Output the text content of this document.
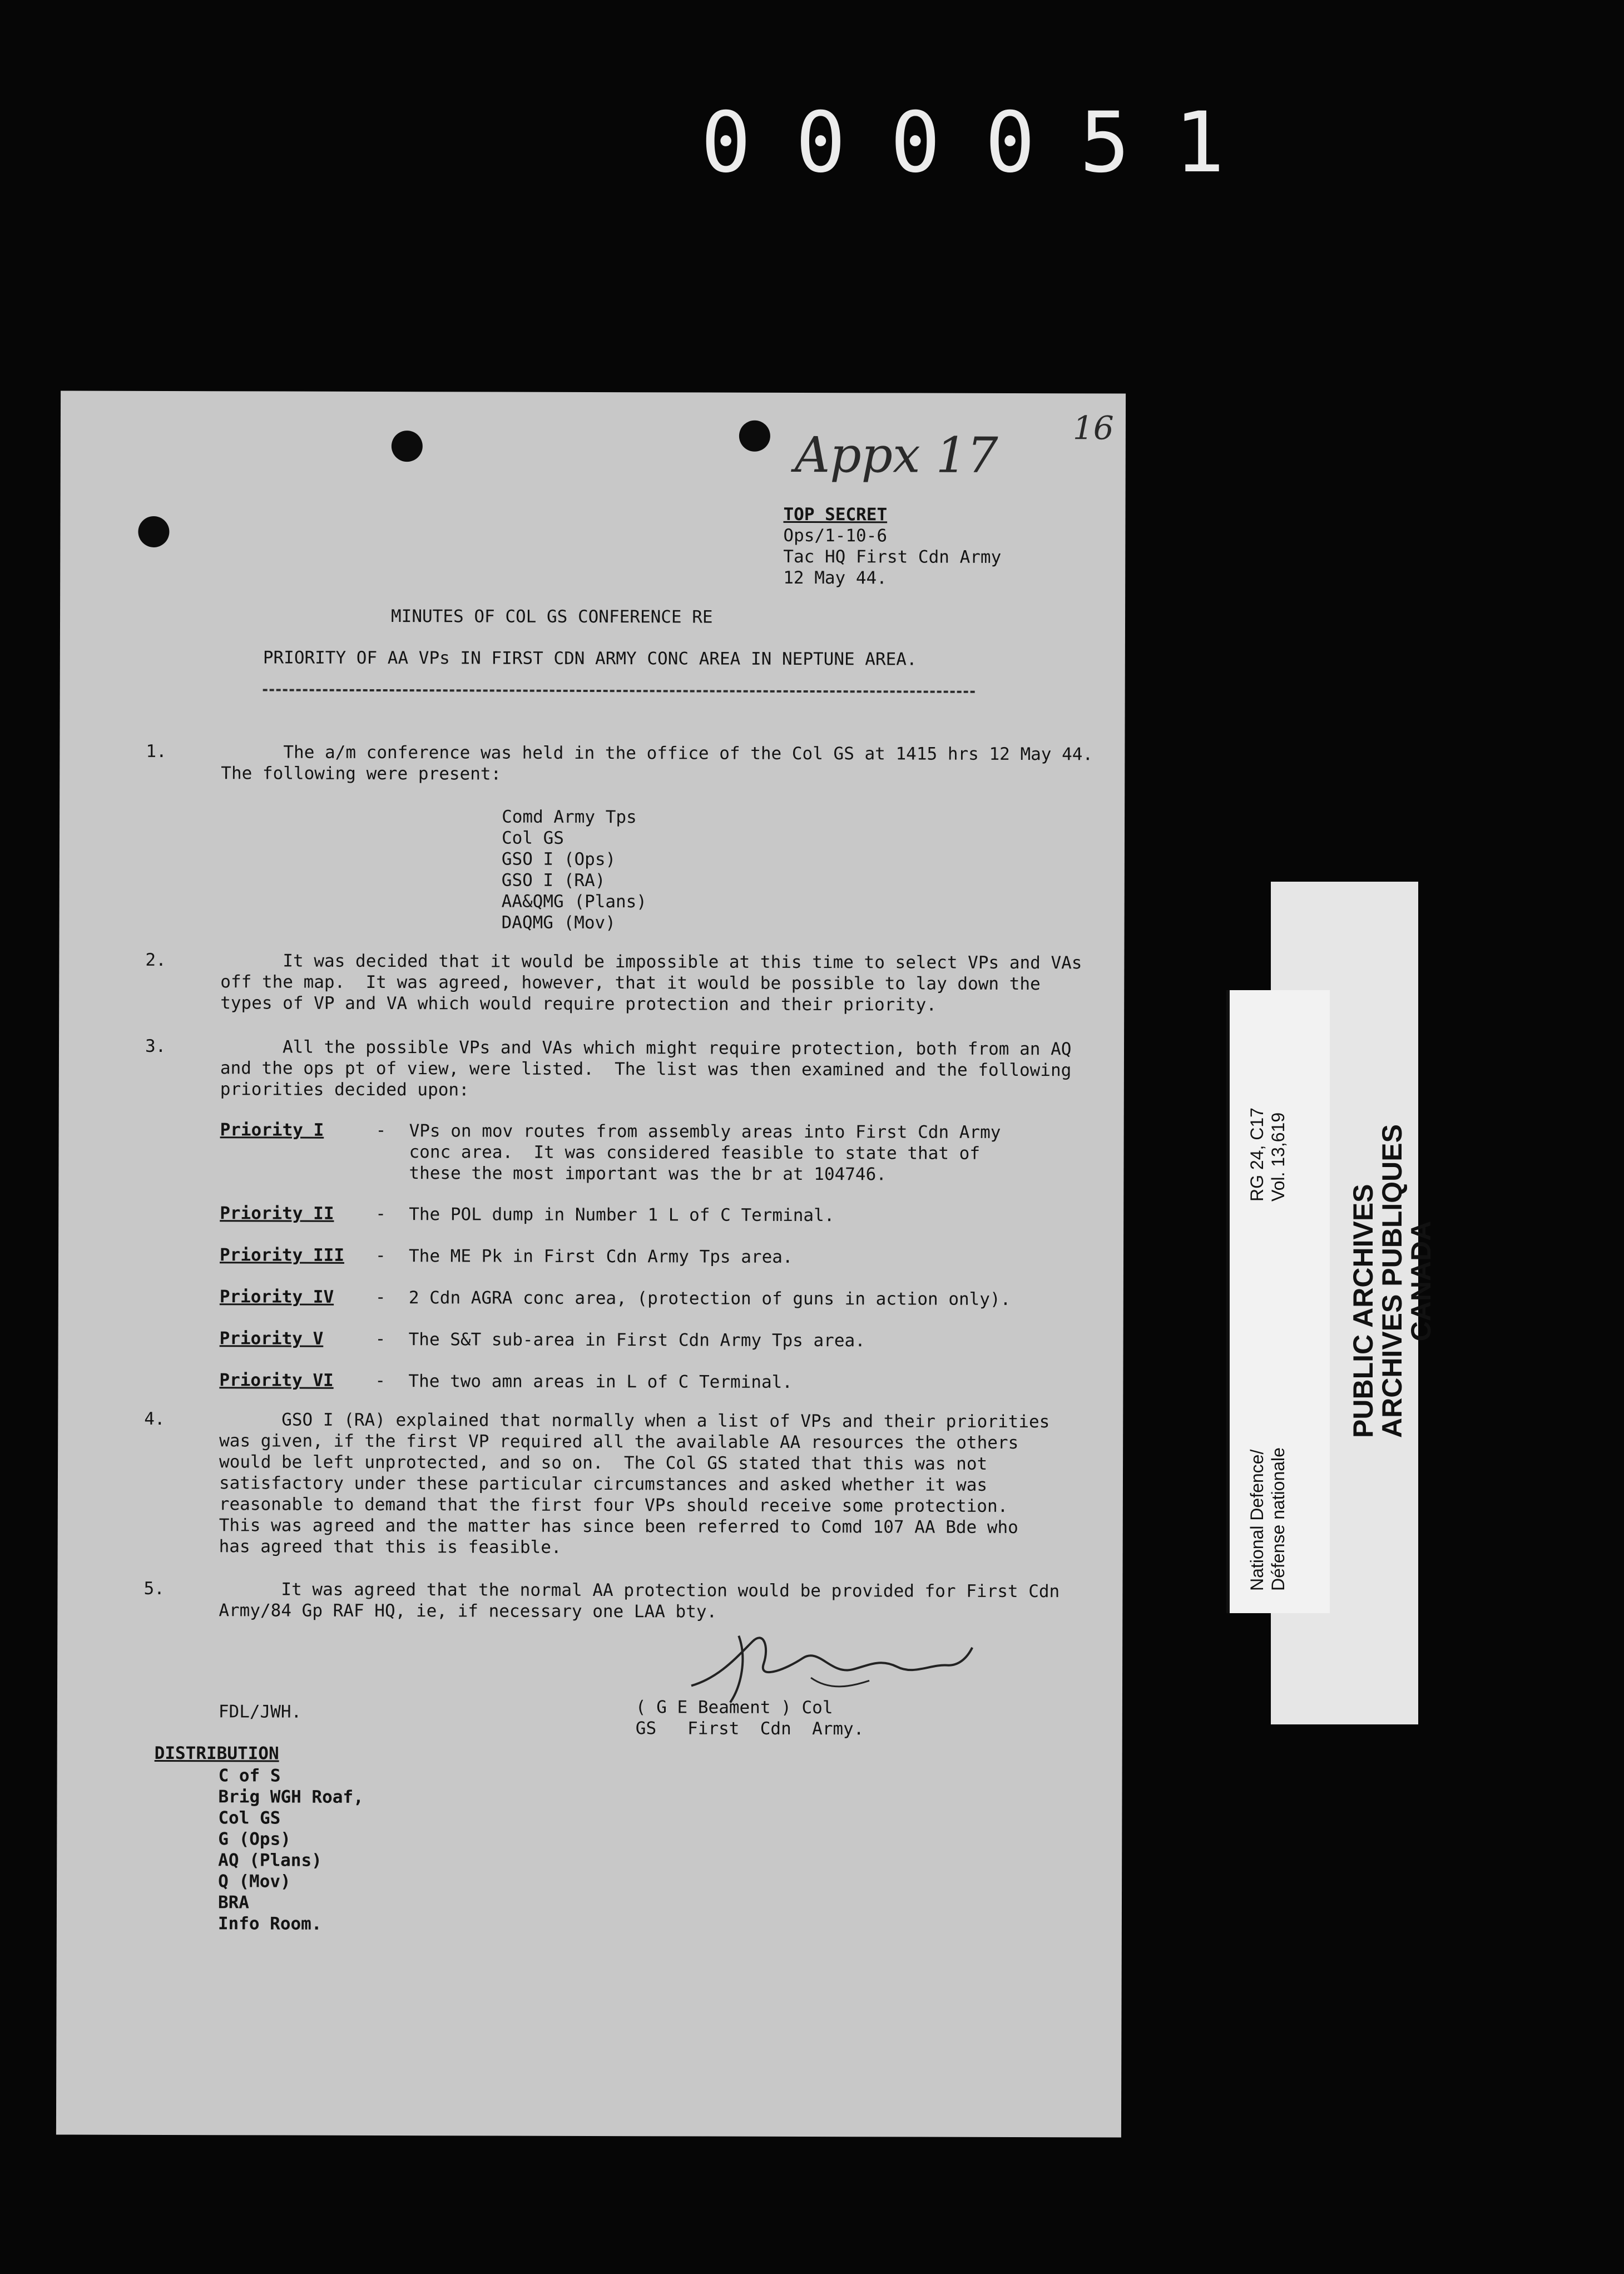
000051
Appx 17 16
TOP SECRET
Ops/1-10-6
Tac HQ First Cdn Army
12 May 44.
MINUTES OF COL GS CONFERENCE RE
PRIORITY OF AA VPs IN FIRST CDN ARMY CONC AREA IN NEPTUNE AREA.
1.	The a/m conference was held in the office of the Col GS at 1415 hrs 12 May 44.
The following were present:
Comd Army Tps
Col GS
GSO I (Ops)
GSO I (RA)
AA&QMG (Plans)
DAQMG (Mov)
2.	It was decided that it would be impossible at this time to select VPs and VAs
off the map.  It was agreed, however, that it would be possible to lay down the
types of VP and VA which would require protection and their priority.
3.	All the possible VPs and VAs which might require protection, both from an AQ
and the ops pt of view, were listed.  The list was then examined and the following
priorities decided upon:
Priority I	- VPs on mov routes from assembly areas into First Cdn Army
conc area.  It was considered feasible to state that of
these the most important was the br at 104746.
Priority II - The POL dump in Number 1 L of C Terminal.
Priority III - The ME Pk in First Cdn Army Tps area.
Priority IV - 2 Cdn AGRA conc area, (protection of guns in action only).
Priority V	- The S&T sub-area in First Cdn Army Tps area.
Priority VI - The two amn areas in L of C Terminal.
4.	GSO I (RA) explained that normally when a list of VPs and their priorities
was given, if the first VP required all the available AA resources the others
would be left unprotected, and so on.  The Col GS stated that this was not
satisfactory under these particular circumstances and asked whether it was
reasonable to demand that the first four VPs should receive some protection.
This was agreed and the matter has since been referred to Comd 107 AA Bde who
has agreed that this is feasible.
5.	It was agreed that the normal AA protection would be provided for First Cdn
Army/84 Gp RAF HQ, ie, if necessary one LAA bty.
( G E Beament ) Col
GS   First  Cdn  Army.
FDL/JWH.
DISTRIBUTION
C of S
Brig WGH Roaf,
Col GS
G (Ops)
AQ (Plans)
Q (Mov)
BRA
Info Room.
PUBLIC ARCHIVES
ARCHIVES PUBLIQUES
CANADA
RG 24, C17 Vol. 13,619
National Defence/ Défense nationale
